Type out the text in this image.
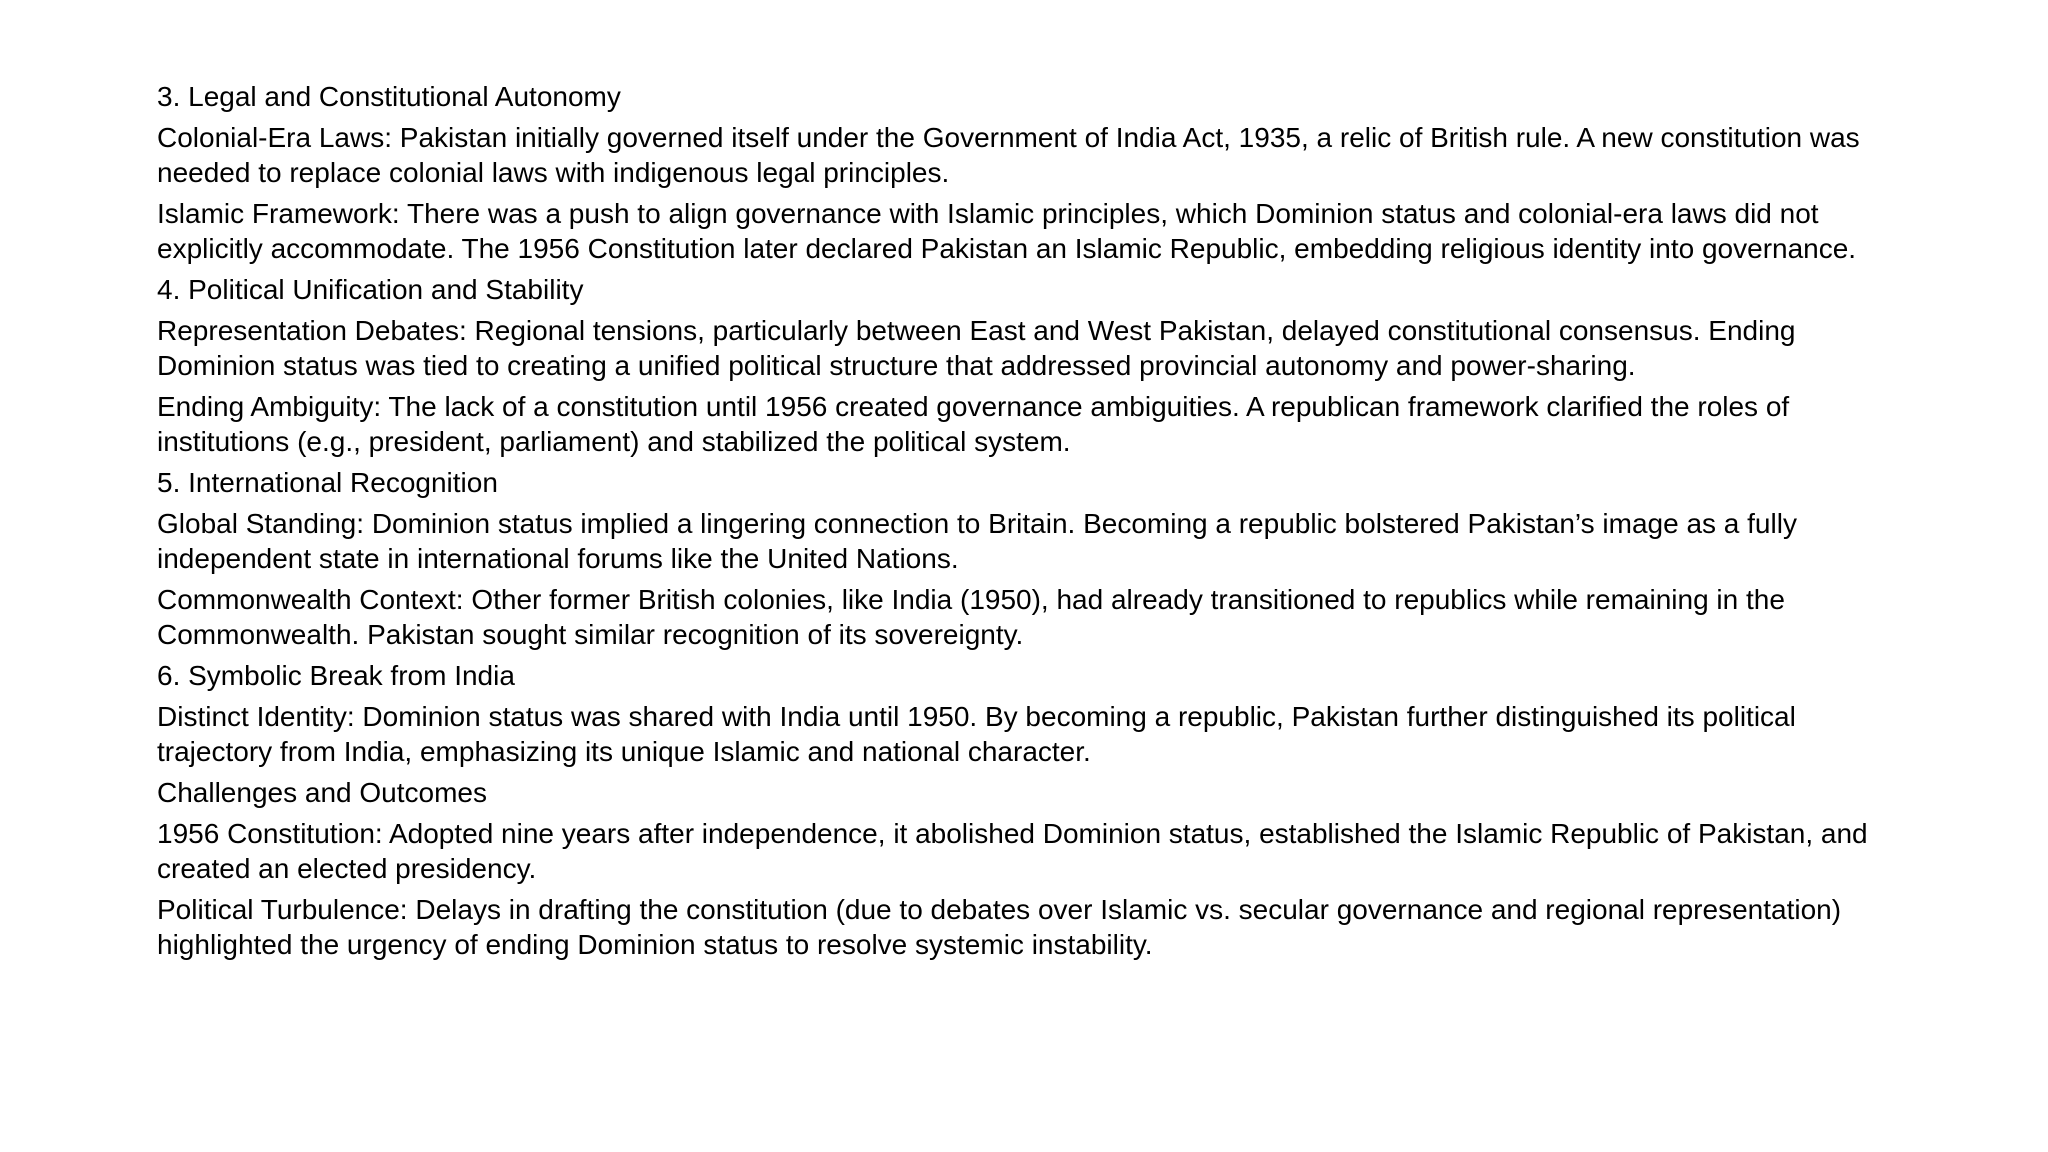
3. Legal and Constitutional Autonomy

Colonial-Era Laws: Pakistan initially governed itself under the Government of India Act, 1935, a relic of British rule. A new constitution was needed to replace colonial laws with indigenous legal principles.

Islamic Framework: There was a push to align governance with Islamic principles, which Dominion status and colonial-era laws did not explicitly accommodate. The 1956 Constitution later declared Pakistan an Islamic Republic, embedding religious identity into governance.

4. Political Unification and Stability

Representation Debates: Regional tensions, particularly between East and West Pakistan, delayed constitutional consensus. Ending Dominion status was tied to creating a unified political structure that addressed provincial autonomy and power-sharing.

Ending Ambiguity: The lack of a constitution until 1956 created governance ambiguities. A republican framework clarified the roles of institutions (e.g., president, parliament) and stabilized the political system.

5. International Recognition

Global Standing: Dominion status implied a lingering connection to Britain. Becoming a republic bolstered Pakistan’s image as a fully independent state in international forums like the United Nations.

Commonwealth Context: Other former British colonies, like India (1950), had already transitioned to republics while remaining in the Commonwealth. Pakistan sought similar recognition of its sovereignty.

6. Symbolic Break from India

Distinct Identity: Dominion status was shared with India until 1950. By becoming a republic, Pakistan further distinguished its political trajectory from India, emphasizing its unique Islamic and national character.

Challenges and Outcomes

1956 Constitution: Adopted nine years after independence, it abolished Dominion status, established the Islamic Republic of Pakistan, and created an elected presidency.

Political Turbulence: Delays in drafting the constitution (due to debates over Islamic vs. secular governance and regional representation) highlighted the urgency of ending Dominion status to resolve systemic instability.
